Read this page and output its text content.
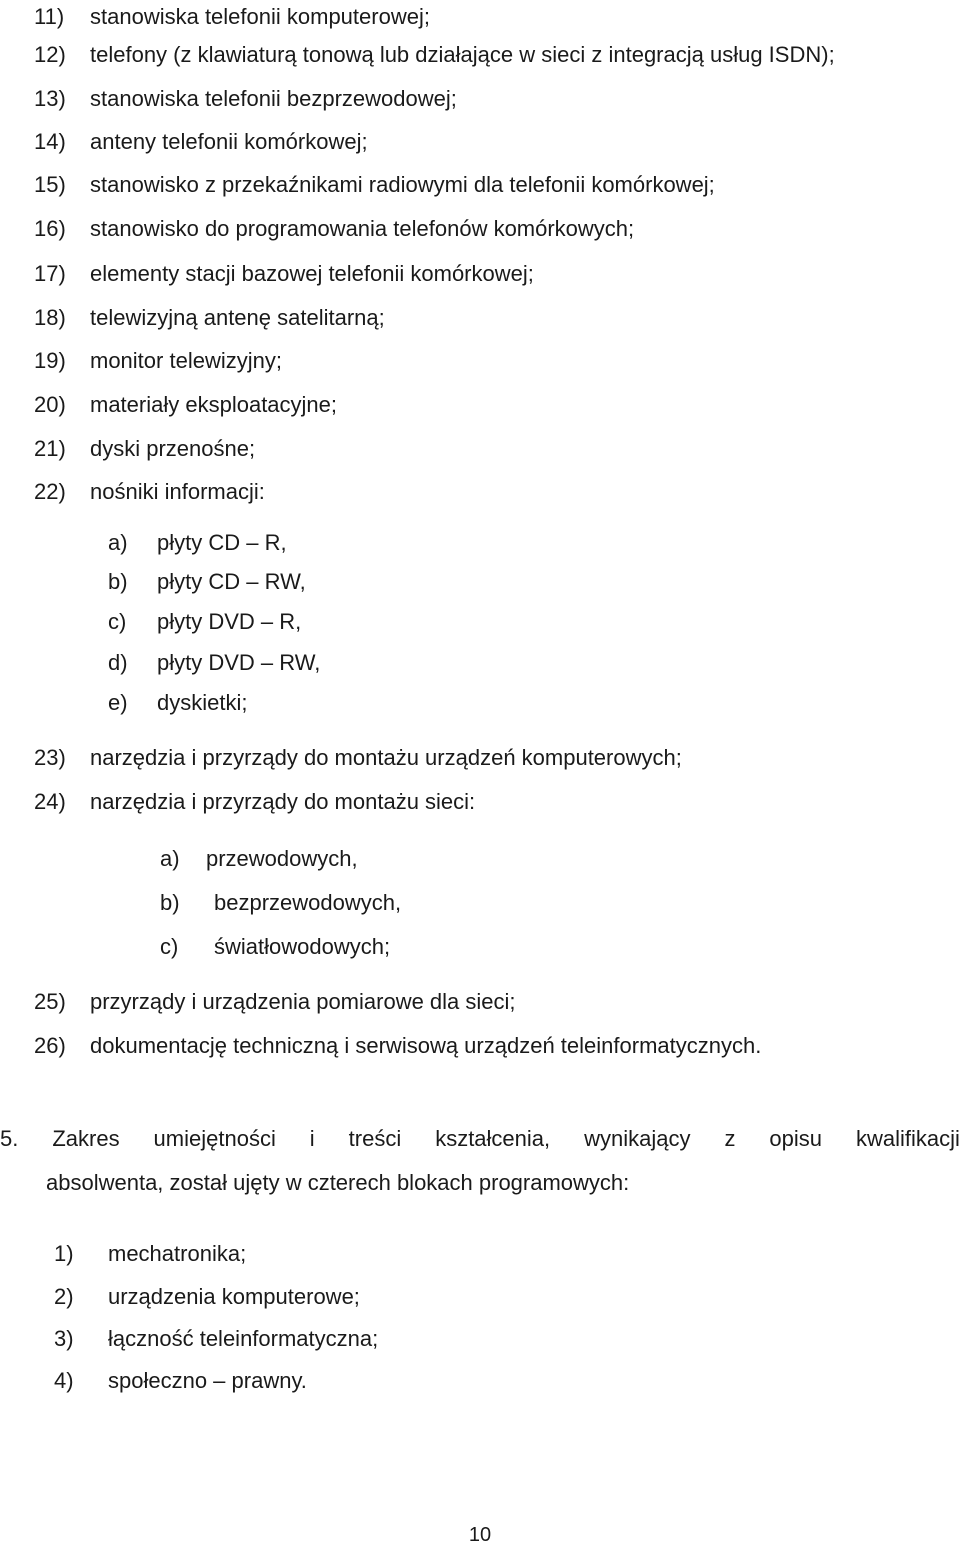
11) stanowiska telefonii komputerowej;
12) telefony (z klawiaturą tonową lub działające w sieci z integracją usług ISDN);
13) stanowiska telefonii bezprzewodowej;
14) anteny telefonii komórkowej;
15) stanowisko z przekaźnikami radiowymi dla telefonii komórkowej;
16) stanowisko do programowania telefonów komórkowych;
17) elementy stacji bazowej telefonii komórkowej;
18) telewizyjną antenę satelitarną;
19) monitor telewizyjny;
20) materiały eksploatacyjne;
21) dyski przenośne;
22) nośniki informacji:
a) płyty CD – R,
b) płyty CD – RW,
c) płyty DVD – R,
d) płyty DVD – RW,
e) dyskietki;
23) narzędzia i przyrządy do montażu urządzeń komputerowych;
24) narzędzia i przyrządy do montażu sieci:
a) przewodowych,
b) bezprzewodowych,
c) światłowodowych;
25) przyrządy i urządzenia pomiarowe dla sieci;
26) dokumentację techniczną i serwisową urządzeń teleinformatycznych.
5. Zakres umiejętności i treści kształcenia, wynikający z opisu kwalifikacji
absolwenta, został ujęty w czterech blokach programowych:
1) mechatronika;
2) urządzenia komputerowe;
3) łączność teleinformatyczna;
4) społeczno – prawny.
10
